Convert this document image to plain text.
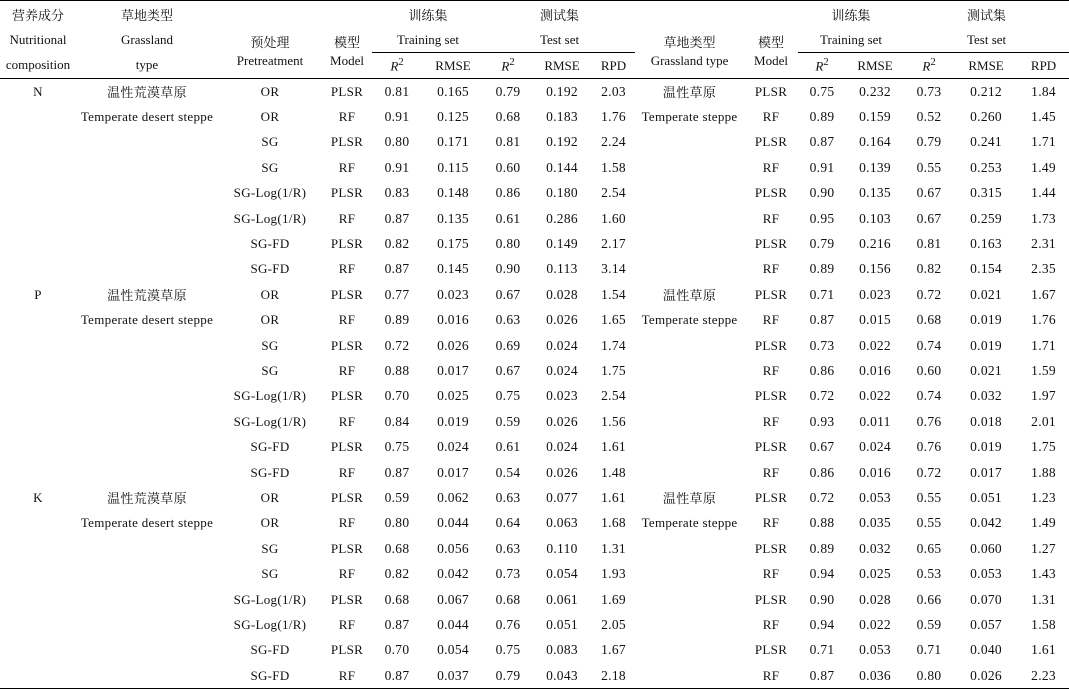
营养成分	草地类型	预处理	模型	训练集		测试集			草地类型	模型	训练集		测试集		
Nutritional	Grassland			Training set		Test set					Training set		Test set		
composition	type	Pretreatment	Model	$R^2$	RMSE	$R^2$	RMSE	RPD	Grassland type	Model	$R^2$	RMSE	$R^2$	RMSE	RPD
N	温性荒漠草原	OR	PLSR	0.81	0.165	0.79	0.192	2.03	温性草原	PLSR	0.75	0.232	0.73	0.212	1.84
	Temperate desert steppe	OR	RF	0.91	0.125	0.68	0.183	1.76	Temperate steppe	RF	0.89	0.159	0.52	0.260	1.45
		SG	PLSR	0.80	0.171	0.81	0.192	2.24		PLSR	0.87	0.164	0.79	0.241	1.71
		SG	RF	0.91	0.115	0.60	0.144	1.58		RF	0.91	0.139	0.55	0.253	1.49
		SG-Log(1/R)	PLSR	0.83	0.148	0.86	0.180	2.54		PLSR	0.90	0.135	0.67	0.315	1.44
		SG-Log(1/R)	RF	0.87	0.135	0.61	0.286	1.60		RF	0.95	0.103	0.67	0.259	1.73
		SG-FD	PLSR	0.82	0.175	0.80	0.149	2.17		PLSR	0.79	0.216	0.81	0.163	2.31
		SG-FD	RF	0.87	0.145	0.90	0.113	3.14		RF	0.89	0.156	0.82	0.154	2.35
P	温性荒漠草原	OR	PLSR	0.77	0.023	0.67	0.028	1.54	温性草原	PLSR	0.71	0.023	0.72	0.021	1.67
	Temperate desert steppe	OR	RF	0.89	0.016	0.63	0.026	1.65	Temperate steppe	RF	0.87	0.015	0.68	0.019	1.76
		SG	PLSR	0.72	0.026	0.69	0.024	1.74		PLSR	0.73	0.022	0.74	0.019	1.71
		SG	RF	0.88	0.017	0.67	0.024	1.75		RF	0.86	0.016	0.60	0.021	1.59
		SG-Log(1/R)	PLSR	0.70	0.025	0.75	0.023	2.54		PLSR	0.72	0.022	0.74	0.032	1.97
		SG-Log(1/R)	RF	0.84	0.019	0.59	0.026	1.56		RF	0.93	0.011	0.76	0.018	2.01
		SG-FD	PLSR	0.75	0.024	0.61	0.024	1.61		PLSR	0.67	0.024	0.76	0.019	1.75
		SG-FD	RF	0.87	0.017	0.54	0.026	1.48		RF	0.86	0.016	0.72	0.017	1.88
K	温性荒漠草原	OR	PLSR	0.59	0.062	0.63	0.077	1.61	温性草原	PLSR	0.72	0.053	0.55	0.051	1.23
	Temperate desert steppe	OR	RF	0.80	0.044	0.64	0.063	1.68	Temperate steppe	RF	0.88	0.035	0.55	0.042	1.49
		SG	PLSR	0.68	0.056	0.63	0.110	1.31		PLSR	0.89	0.032	0.65	0.060	1.27
		SG	RF	0.82	0.042	0.73	0.054	1.93		RF	0.94	0.025	0.53	0.053	1.43
		SG-Log(1/R)	PLSR	0.68	0.067	0.68	0.061	1.69		PLSR	0.90	0.028	0.66	0.070	1.31
		SG-Log(1/R)	RF	0.87	0.044	0.76	0.051	2.05		RF	0.94	0.022	0.59	0.057	1.58
		SG-FD	PLSR	0.70	0.054	0.75	0.083	1.67		PLSR	0.71	0.053	0.71	0.040	1.61
		SG-FD	RF	0.87	0.037	0.79	0.043	2.18		RF	0.87	0.036	0.80	0.026	2.23
